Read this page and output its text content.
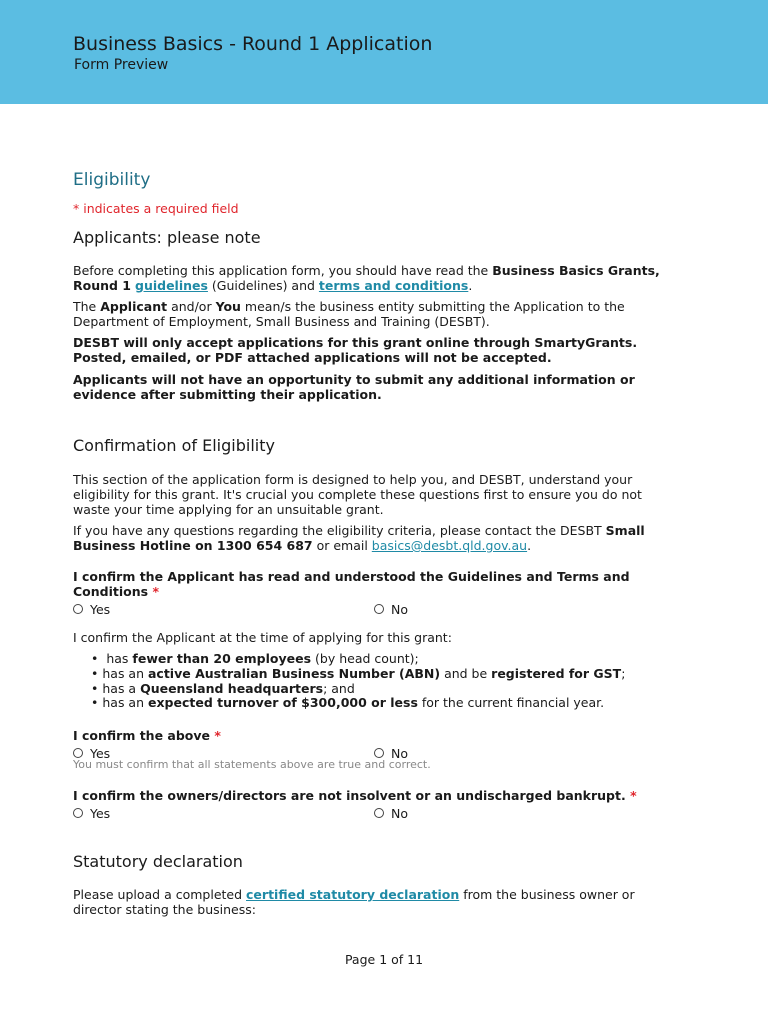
Business Basics - Round 1 Application
Form Preview
Eligibility
* indicates a required field
Applicants: please note
Before completing this application form, you should have read the Business Basics Grants, Round 1 guidelines (Guidelines) and terms and conditions.
The Applicant and/or You mean/s the business entity submitting the Application to the Department of Employment, Small Business and Training (DESBT).
DESBT will only accept applications for this grant online through SmartyGrants. Posted, emailed, or PDF attached applications will not be accepted.
Applicants will not have an opportunity to submit any additional information or evidence after submitting their application.
Confirmation of Eligibility
This section of the application form is designed to help you, and DESBT, understand your eligibility for this grant. It's crucial you complete these questions first to ensure you do not waste your time applying for an unsuitable grant.
If you have any questions regarding the eligibility criteria, please contact the DESBT Small Business Hotline on 1300 654 687 or email basics@desbt.qld.gov.au.
I confirm the Applicant has read and understood the Guidelines and Terms and Conditions *
Yes	No
I confirm the Applicant at the time of applying for this grant:
•  has fewer than 20 employees (by head count);
• has an active Australian Business Number (ABN) and be registered for GST;
• has a Queensland headquarters; and
• has an expected turnover of $300,000 or less for the current financial year.
I confirm the above *
Yes	No
You must confirm that all statements above are true and correct.
I confirm the owners/directors are not insolvent or an undischarged bankrupt. *
Yes	No
Statutory declaration
Please upload a completed certified statutory declaration from the business owner or director stating the business:
Page 1 of 11
